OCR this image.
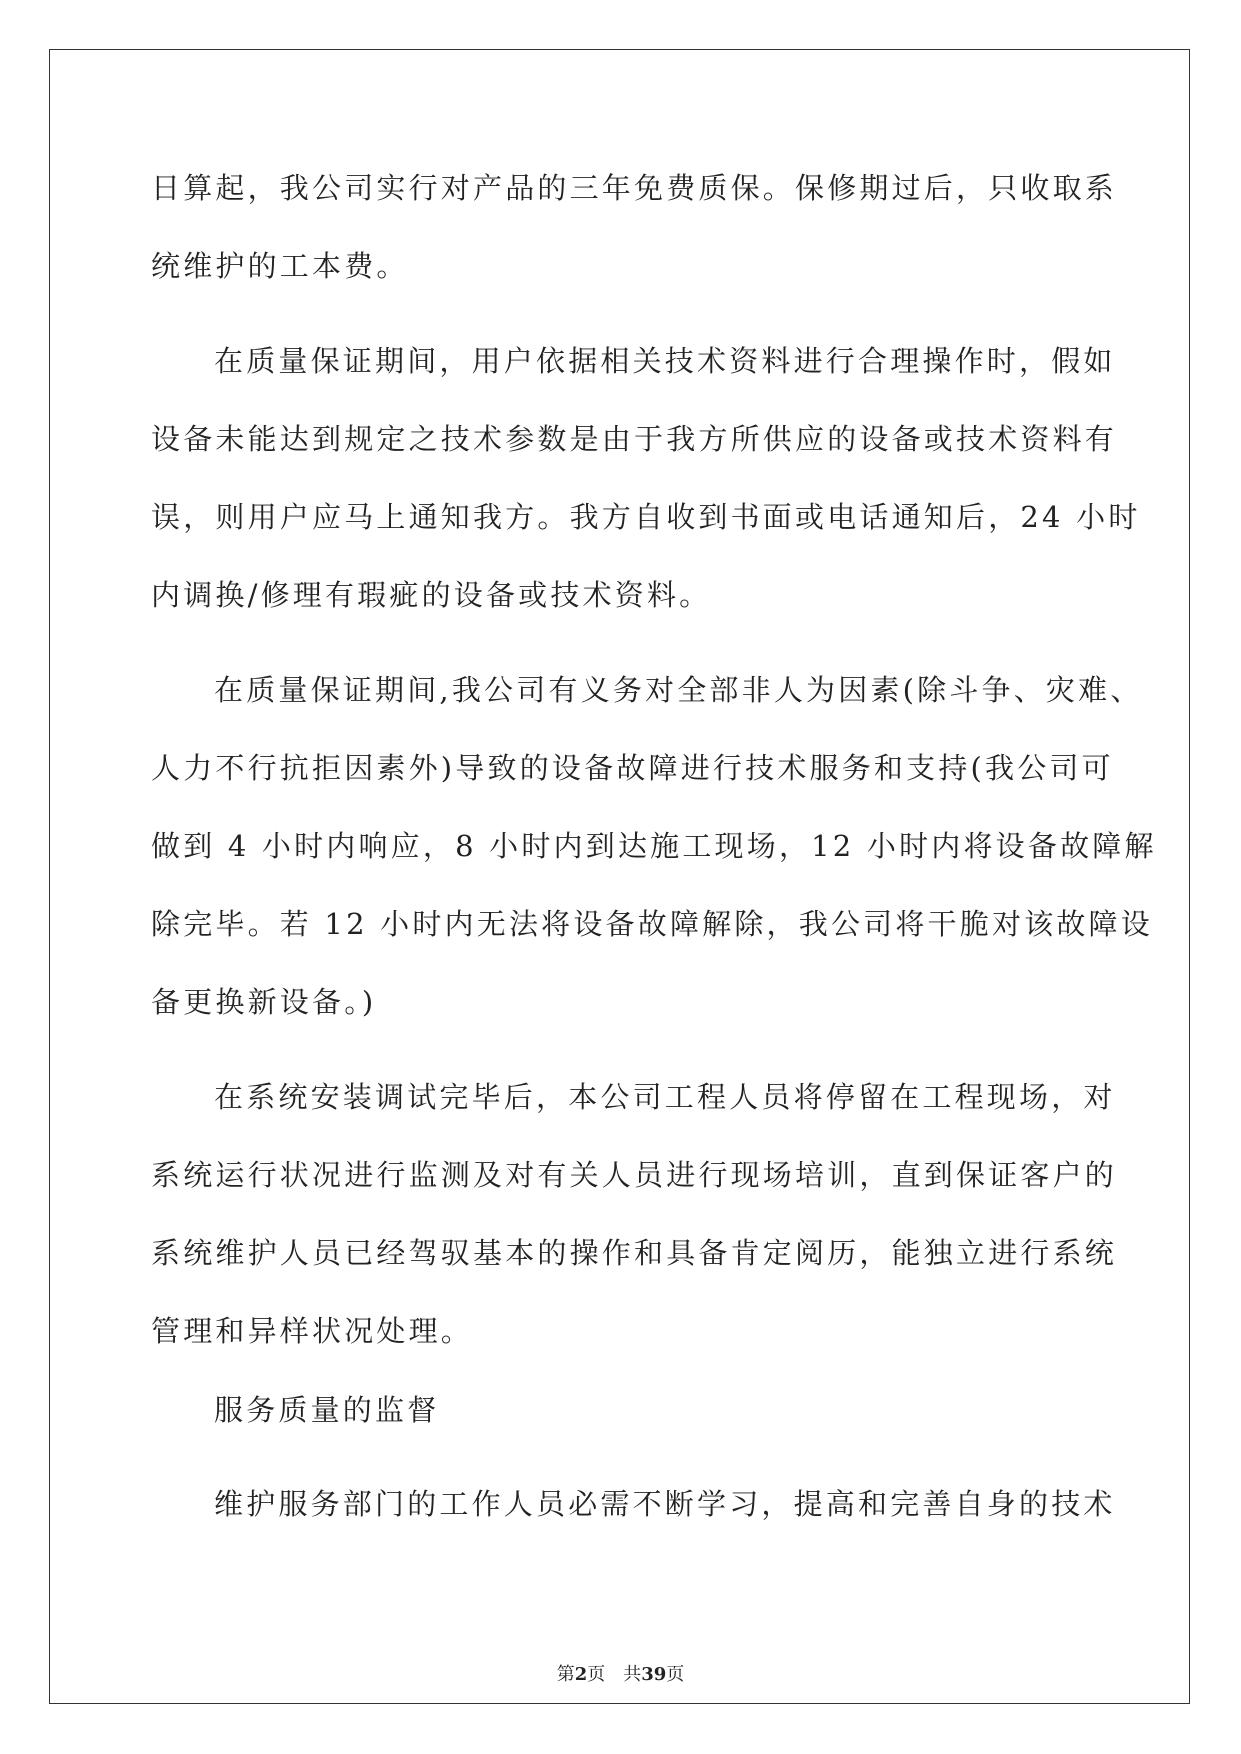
日算起，我公司实行对产品的三年免费质保。保修期过后，只收取系
统维护的工本费。
在质量保证期间，用户依据相关技术资料进行合理操作时，假如
设备未能达到规定之技术参数是由于我方所供应的设备或技术资料有
误，则用户应马上通知我方。我方自收到书面或电话通知后，24 小时
内调换/修理有瑕疵的设备或技术资料。
在质量保证期间,我公司有义务对全部非人为因素(除斗争、灾难、
人力不行抗拒因素外)导致的设备故障进行技术服务和支持(我公司可
做到 4 小时内响应，8 小时内到达施工现场，12 小时内将设备故障解
除完毕。若 12 小时内无法将设备故障解除，我公司将干脆对该故障设
备更换新设备。)
在系统安装调试完毕后，本公司工程人员将停留在工程现场，对
系统运行状况进行监测及对有关人员进行现场培训，直到保证客户的
系统维护人员已经驾驭基本的操作和具备肯定阅历，能独立进行系统
管理和异样状况处理。
服务质量的监督
维护服务部门的工作人员必需不断学习，提高和完善自身的技术
第2页 共39页
